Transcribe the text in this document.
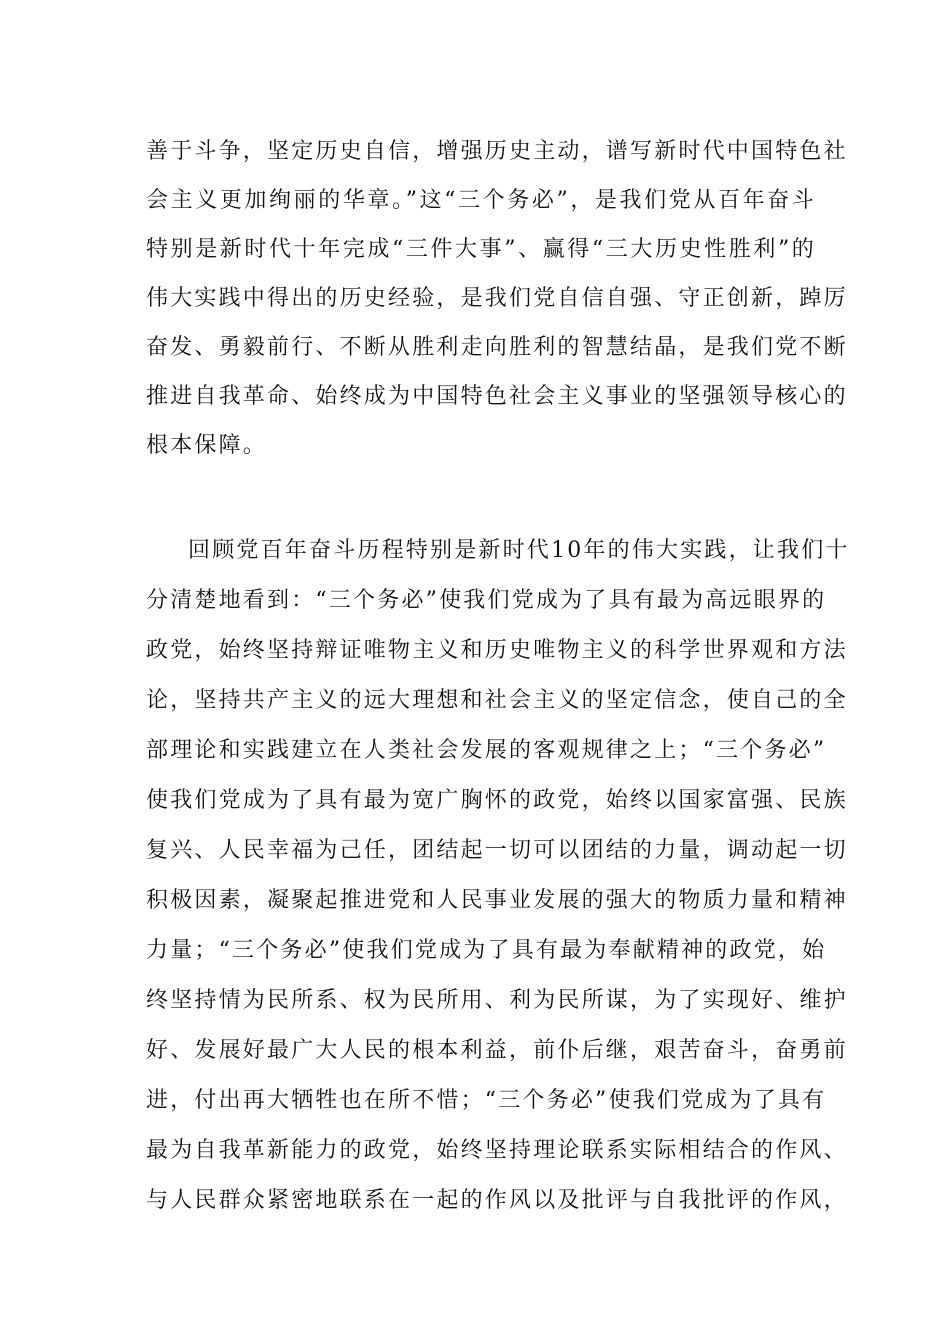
善于斗争，坚定历史自信，增强历史主动，谱写新时代中国特色社
会主义更加绚丽的华章。”这“三个务必”，是我们党从百年奋斗
特别是新时代十年完成“三件大事”、赢得“三大历史性胜利”的
伟大实践中得出的历史经验，是我们党自信自强、守正创新，踔厉
奋发、勇毅前行、不断从胜利走向胜利的智慧结晶，是我们党不断
推进自我革命、始终成为中国特色社会主义事业的坚强领导核心的
根本保障。
回顾党百年奋斗历程特别是新时代10年的伟大实践，让我们十
分清楚地看到：“三个务必”使我们党成为了具有最为高远眼界的
政党，始终坚持辩证唯物主义和历史唯物主义的科学世界观和方法
论，坚持共产主义的远大理想和社会主义的坚定信念，使自己的全
部理论和实践建立在人类社会发展的客观规律之上；“三个务必”
使我们党成为了具有最为宽广胸怀的政党，始终以国家富强、民族
复兴、人民幸福为己任，团结起一切可以团结的力量，调动起一切
积极因素，凝聚起推进党和人民事业发展的强大的物质力量和精神
力量；“三个务必”使我们党成为了具有最为奉献精神的政党，始
终坚持情为民所系、权为民所用、利为民所谋，为了实现好、维护
好、发展好最广大人民的根本利益，前仆后继，艰苦奋斗，奋勇前
进，付出再大牺牲也在所不惜；“三个务必”使我们党成为了具有
最为自我革新能力的政党，始终坚持理论联系实际相结合的作风、
与人民群众紧密地联系在一起的作风以及批评与自我批评的作风，
